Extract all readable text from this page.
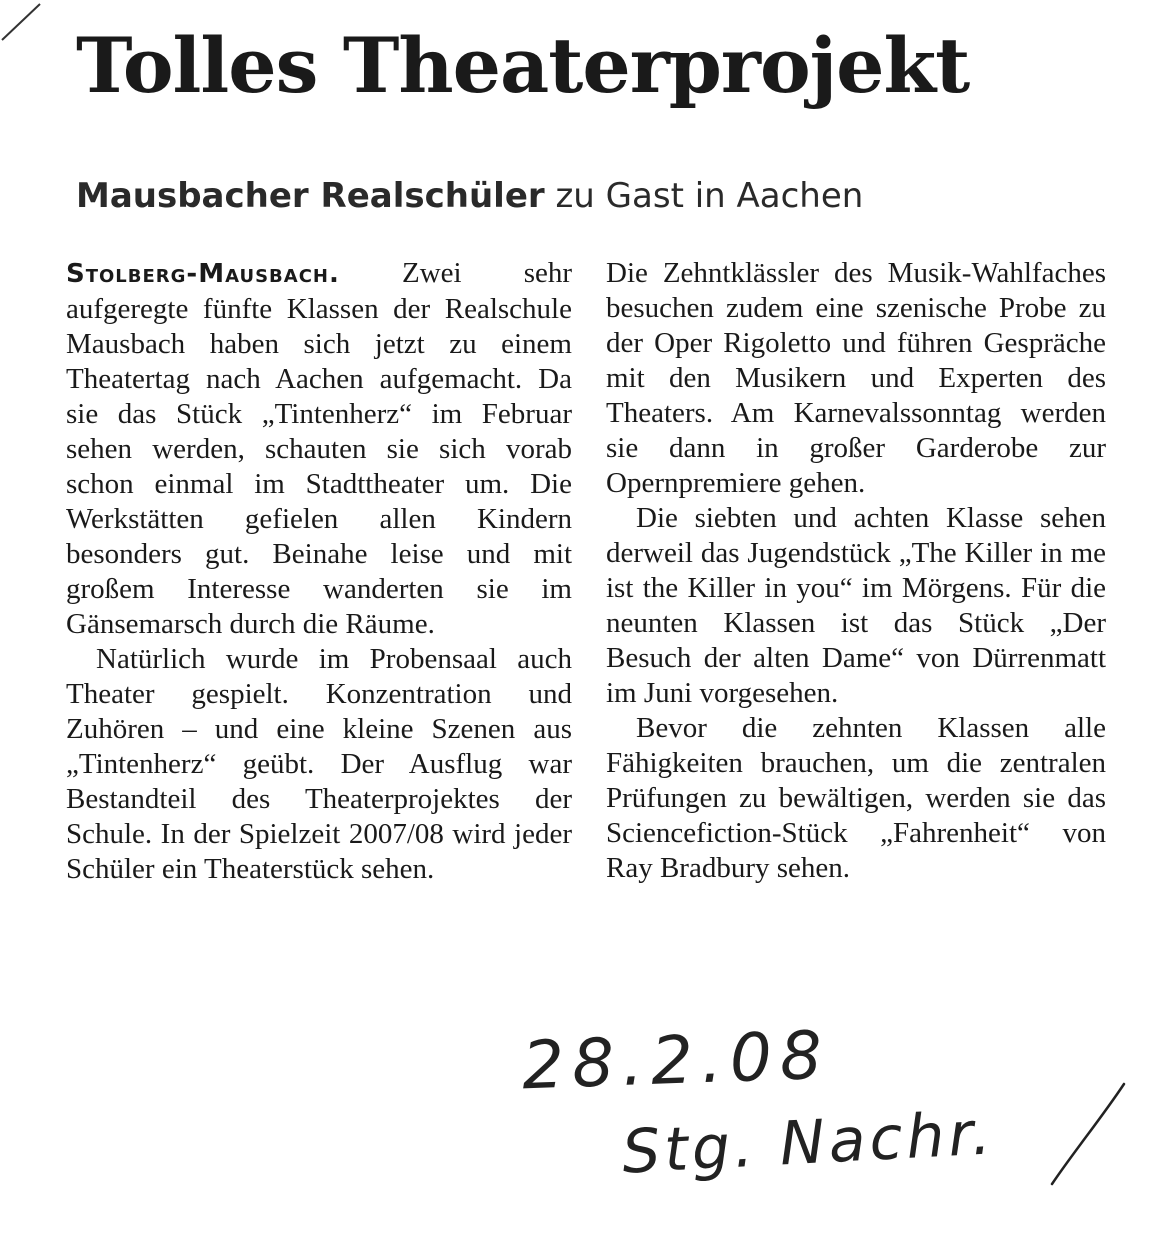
Tolles Theaterprojekt
Mausbacher Realschüler zu Gast in Aachen

Stolberg-Mausbach. Zwei sehr aufgeregte fünfte Klassen der Realschule Mausbach haben sich jetzt zu einem Theatertag nach Aachen aufgemacht. Da sie das Stück „Tintenherz“ im Februar sehen werden, schauten sie sich vorab schon einmal im Stadttheater um. Die Werkstätten gefielen allen Kindern besonders gut. Beinahe leise und mit großem Interesse wanderten sie im Gänsemarsch durch die Räume.

Natürlich wurde im Probensaal auch Theater gespielt. Konzentration und Zuhören – und eine kleine Szenen aus „Tintenherz“ geübt. Der Ausflug war Bestandteil des Theaterprojektes der Schule. In der Spielzeit 2007/08 wird jeder Schüler ein Theaterstück sehen.

Die Zehntklässler des Musik-Wahlfaches besuchen zudem eine szenische Probe zu der Oper Rigoletto und führen Gespräche mit den Musikern und Experten des Theaters. Am Karnevalssonntag werden sie dann in großer Garderobe zur Opernpremiere gehen.

Die siebten und achten Klasse sehen derweil das Jugendstück „The Killer in me ist the Killer in you“ im Mörgens. Für die neunten Klassen ist das Stück „Der Besuch der alten Dame“ von Dürrenmatt im Juni vorgesehen.

Bevor die zehnten Klassen alle Fähigkeiten brauchen, um die zentralen Prüfungen zu bewältigen, werden sie das Sciencefiction-Stück „Fahrenheit“ von Ray Bradbury sehen.

28.2.08
Stg. Nachr.
